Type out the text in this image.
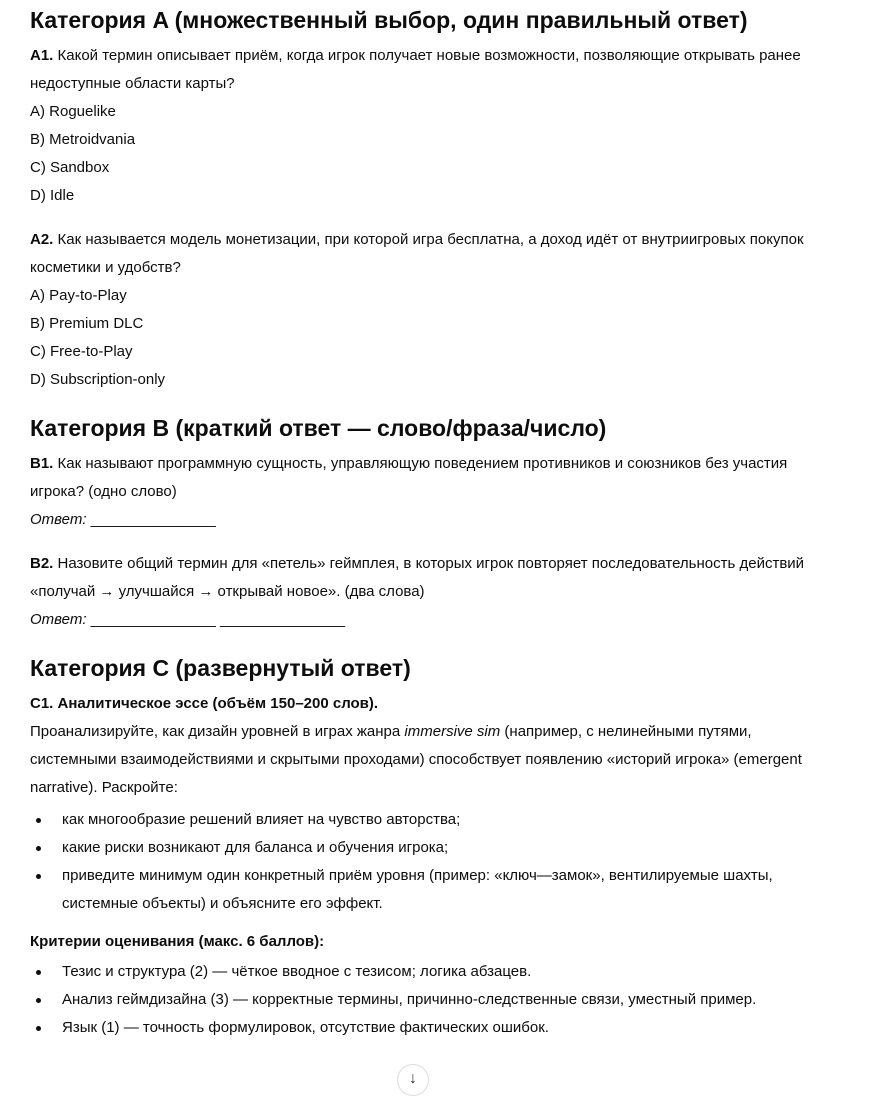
Категория A (множественный выбор, один правильный ответ)

A1. Какой термин описывает приём, когда игрок получает новые возможности, позволяющие открывать ранее недоступные области карты?

A) Roguelike

B) Metroidvania

C) Sandbox

D) Idle

A2. Как называется модель монетизации, при которой игра бесплатна, а доход идёт от внутриигровых покупок косметики и удобств?

A) Pay-to-Play

B) Premium DLC

C) Free-to-Play

D) Subscription-only

Категория B (краткий ответ — слово/фраза/число)

B1. Как называют программную сущность, управляющую поведением противников и союзников без участия игрока? (одно слово)

Ответ: _______________

B2. Назовите общий термин для «петель» геймплея, в которых игрок повторяет последовательность действий «получай → улучшайся → открывай новое». (два слова)

Ответ: _______________ _______________

Категория C (развернутый ответ)

C1. Аналитическое эссе (объём 150–200 слов).

Проанализируйте, как дизайн уровней в играх жанра immersive sim (например, с нелинейными путями, системными взаимодействиями и скрытыми проходами) способствует появлению «историй игрока» (emergent narrative). Раскройте:

как многообразие решений влияет на чувство авторства;
какие риски возникают для баланса и обучения игрока;
приведите минимум один конкретный приём уровня (пример: «ключ—замок», вентилируемые шахты, системные объекты) и объясните его эффект.
Критерии оценивания (макс. 6 баллов):
Тезис и структура (2) — чёткое вводное с тезисом; логика абзацев.
Анализ геймдизайна (3) — корректные термины, причинно-следственные связи, уместный пример.
Язык (1) — точность формулировок, отсутствие фактических ошибок.
↓
